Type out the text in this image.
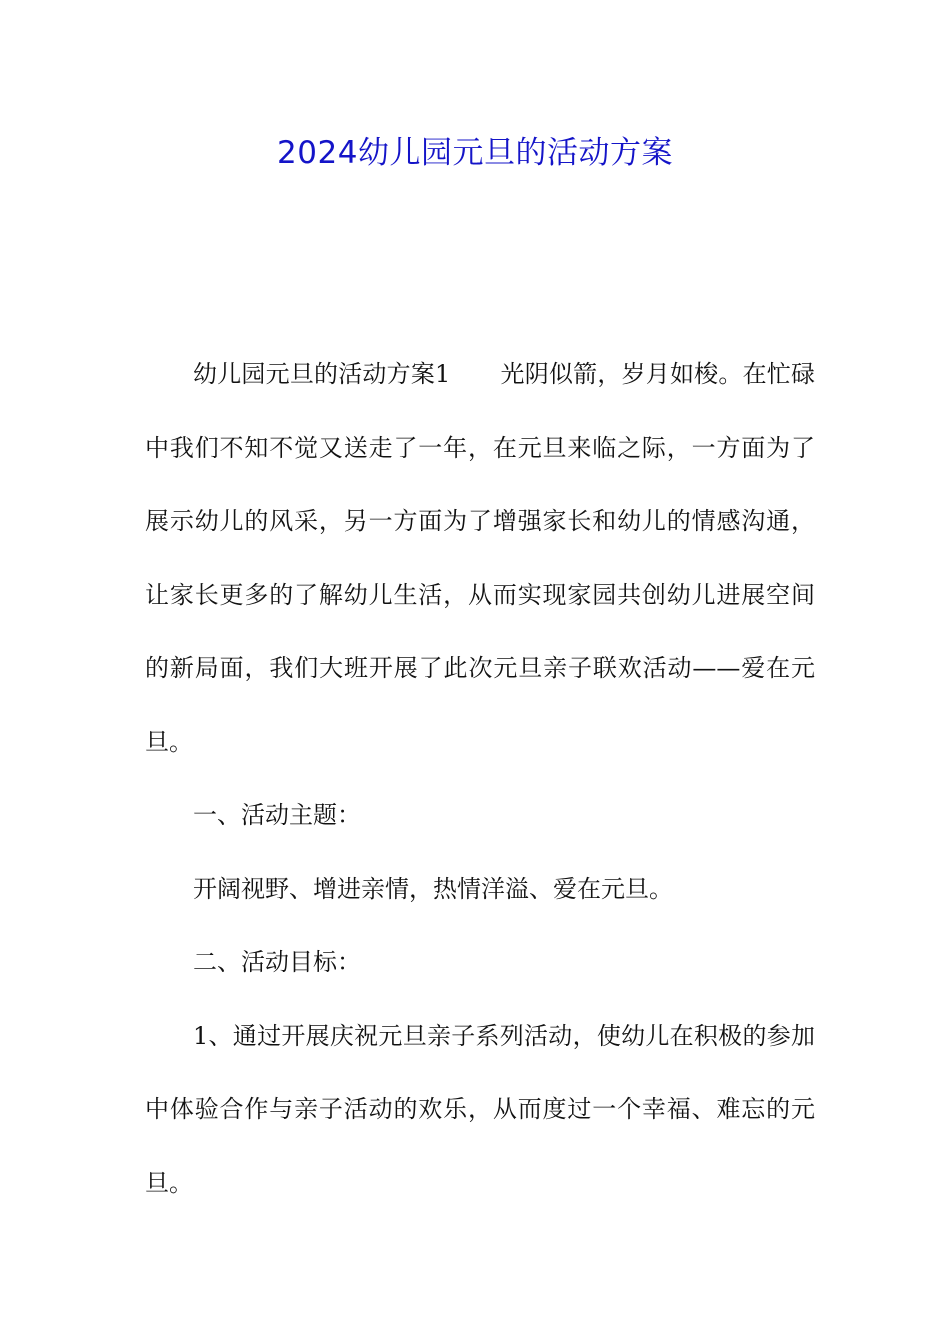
2024幼儿园元旦的活动方案

幼儿园元旦的活动方案1 光阴似箭，岁月如梭。在忙碌中我们不知不觉又送走了一年，在元旦来临之际，一方面为了展示幼儿的风采，另一方面为了增强家长和幼儿的情感沟通，让家长更多的了解幼儿生活，从而实现家园共创幼儿进展空间的新局面，我们大班开展了此次元旦亲子联欢活动——爱在元旦。

一、活动主题：

开阔视野、增进亲情，热情洋溢、爱在元旦。

二、活动目标：

1、通过开展庆祝元旦亲子系列活动，使幼儿在积极的参加中体验合作与亲子活动的欢乐，从而度过一个幸福、难忘的元旦。
